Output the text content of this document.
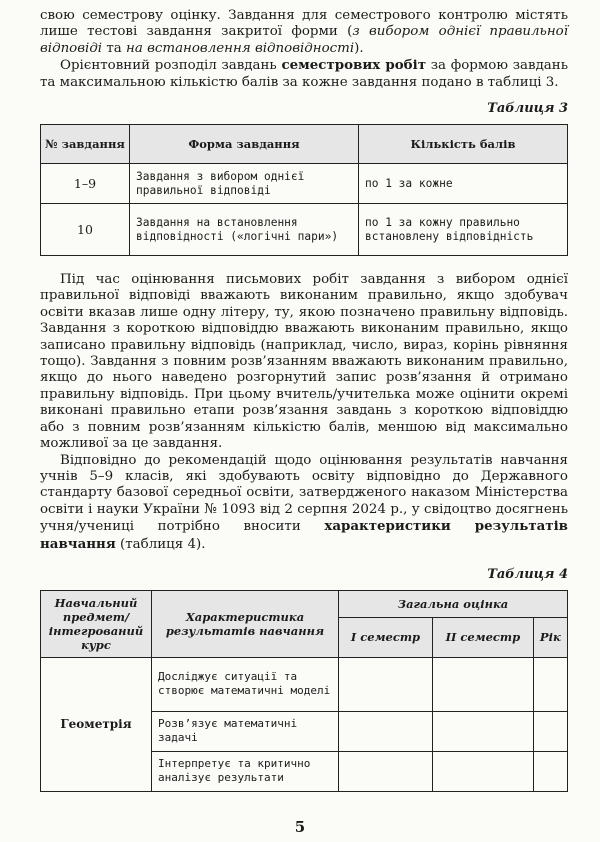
свою семестрову оцінку. Завдання для семестрового контролю містять лише тестові завдання закритої форми (з вибором однієї правильної відповіді та на встановлення відповідності).

Орієнтовний розподіл завдань семестрових робіт за формою завдань та максимальною кількістю балів за кожне завдання подано в таблиці 3.

Таблиця 3
№ завдання	Форма завдання	Кількість балів
1–9	Завдання з вибором однієї правильної відповіді	по 1 за кожне
10	Завдання на встановлення відповідності («логічні пари»)	по 1 за кожну правильно встановлену відповідність

Під час оцінювання письмових робіт завдання з вибором однієї правильної відповіді вважають виконаним правильно, якщо здобувач освіти вказав лише одну літеру, ту, якою позначено правильну відповідь. Завдання з короткою відповіддю вважають виконаним правильно, якщо записано правильну відповідь (наприклад, число, вираз, корінь рівняння тощо). Завдання з повним розв’язанням вважають виконаним правильно, якщо до нього наведено розгорнутий запис розв’язання й отримано правильну відповідь. При цьому вчитель/учителька може оцінити окремі виконані правильно етапи розв’язання завдань з короткою відповіддю або з повним розв’язанням кількістю балів, меншою від максимально можливої за це завдання.

Відповідно до рекомендацій щодо оцінювання результатів навчання учнів 5–9 класів, які здобувають освіту відповідно до Державного стандарту базової середньої освіти, затвердженого наказом Міністерства освіти і науки України № 1093 від 2 серпня 2024 р., у свідоцтво досягнень учня/учениці потрібно вносити характеристики результатів навчання (таблиця 4).

Таблиця 4
Навчальний предмет/ інтегрований курс	Характеристика результатів навчання	Загальна оцінка		
		І семестр	ІІ семестр	Рік
Геометрія	Досліджує ситуації та створює математичні моделі			
	Розв’язує математичні задачі			
	Інтерпретує та критично аналізує результати			
5
